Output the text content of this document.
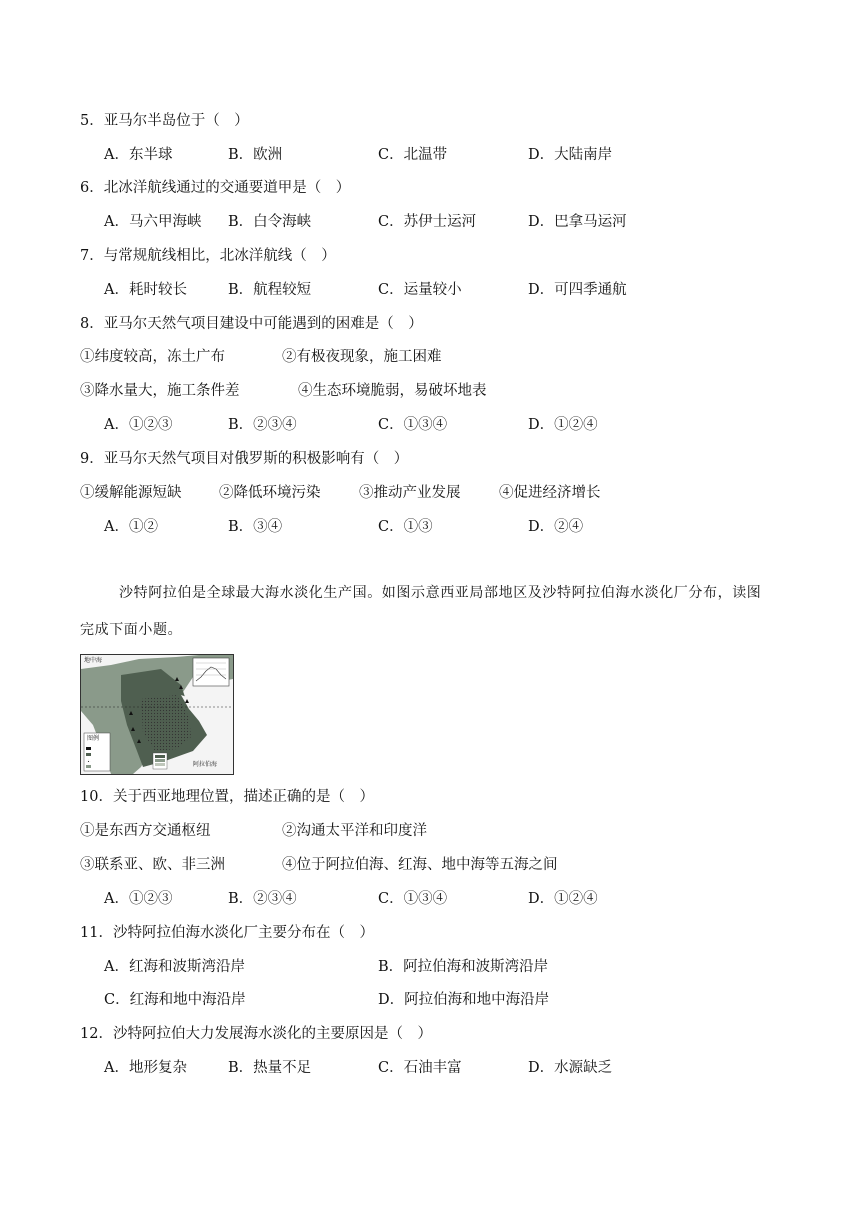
5．亚马尔半岛位于（　）
A．东半球	B．欧洲	C．北温带	D．大陆南岸
6．北冰洋航线通过的交通要道甲是（　）
A．马六甲海峡 B．白令海峡	C．苏伊士运河	D．巴拿马运河
7．与常规航线相比，北冰洋航线（　）
A．耗时较长	B．航程较短	C．运量较小	D．可四季通航
8．亚马尔天然气项目建设中可能遇到的困难是（　）
①纬度较高，冻土广布	②有极夜现象，施工困难
③降水量大，施工条件差	④生态环境脆弱，易破坏地表
A．①②③	B．②③④	C．①③④	D．①②④
9．亚马尔天然气项目对俄罗斯的积极影响有（　）
①缓解能源短缺	②降低环境污染	③推动产业发展	④促进经济增长
A．①②	B．③④	C．①③	D．②④
沙特阿拉伯是全球最大海水淡化生产国。如图示意西亚局部地区及沙特阿拉伯海水淡化厂分布，读图
完成下面小题。
地中海
图例
阿拉伯海
10．关于西亚地理位置，描述正确的是（　）
①是东西方交通枢纽	②沟通太平洋和印度洋
③联系亚、欧、非三洲	④位于阿拉伯海、红海、地中海等五海之间
A．①②③	B．②③④	C．①③④	D．①②④
11．沙特阿拉伯海水淡化厂主要分布在（　）
A．红海和波斯湾沿岸	B．阿拉伯海和波斯湾沿岸
C．红海和地中海沿岸	D．阿拉伯海和地中海沿岸
12．沙特阿拉伯大力发展海水淡化的主要原因是（　）
A．地形复杂	B．热量不足	C．石油丰富	D．水源缺乏
